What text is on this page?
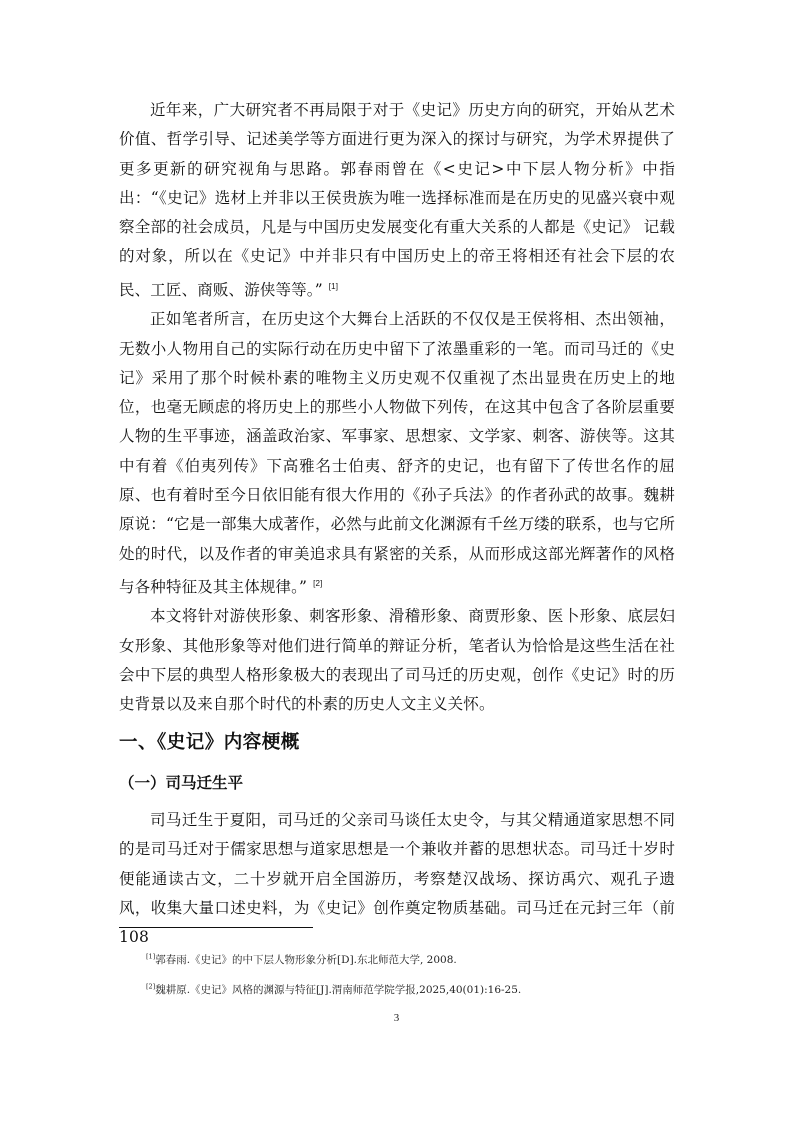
近年来，广大研究者不再局限于对于《史记》历史方向的研究，开始从艺术价值、哲学引导、记述美学等方面进行更为深入的探讨与研究，为学术界提供了更多更新的研究视角与思路。郭春雨曾在《<史记>中下层人物分析》中指出：“《史记》选材上并非以王侯贵族为唯一选择标准而是在历史的见盛兴衰中观察全部的社会成员，凡是与中国历史发展变化有重大关系的人都是《史记》 记载的对象，所以在《史记》中并非只有中国历史上的帝王将相还有社会下层的农民、工匠、商贩、游侠等等。” [1]

正如笔者所言，在历史这个大舞台上活跃的不仅仅是王侯将相、杰出领袖，无数小人物用自己的实际行动在历史中留下了浓墨重彩的一笔。而司马迁的《史记》采用了那个时候朴素的唯物主义历史观不仅重视了杰出显贵在历史上的地位，也毫无顾虑的将历史上的那些小人物做下列传，在这其中包含了各阶层重要人物的生平事迹，涵盖政治家、军事家、思想家、文学家、刺客、游侠等。这其中有着《伯夷列传》下高雅名士伯夷、舒齐的史记，也有留下了传世名作的屈原、也有着时至今日依旧能有很大作用的《孙子兵法》的作者孙武的故事。魏耕原说：“它是一部集大成著作，必然与此前文化渊源有千丝万缕的联系，也与它所处的时代，以及作者的审美追求具有紧密的关系，从而形成这部光辉著作的风格与各种特征及其主体规律。” [2]

本文将针对游侠形象、刺客形象、滑稽形象、商贾形象、医卜形象、底层妇女形象、其他形象等对他们进行简单的辩证分析，笔者认为恰恰是这些生活在社会中下层的典型人格形象极大的表现出了司马迁的历史观，创作《史记》时的历史背景以及来自那个时代的朴素的历史人文主义关怀。

一、《史记》内容梗概
（一）司马迁生平

司马迁生于夏阳，司马迁的父亲司马谈任太史令，与其父精通道家思想不同的是司马迁对于儒家思想与道家思想是一个兼收并蓄的思想状态。司马迁十岁时便能通读古文，二十岁就开启全国游历，考察楚汉战场、探访禹穴、观孔子遗风，收集大量口述史料，为《史记》创作奠定物质基础。司马迁在元封三年（前 108

[1]郭春雨.《史记》的中下层人物形象分析[D].东北师范大学, 2008.

[2]魏耕原.《史记》风格的渊源与特征[J].渭南师范学院学报,2025,40(01):16-25.

3
